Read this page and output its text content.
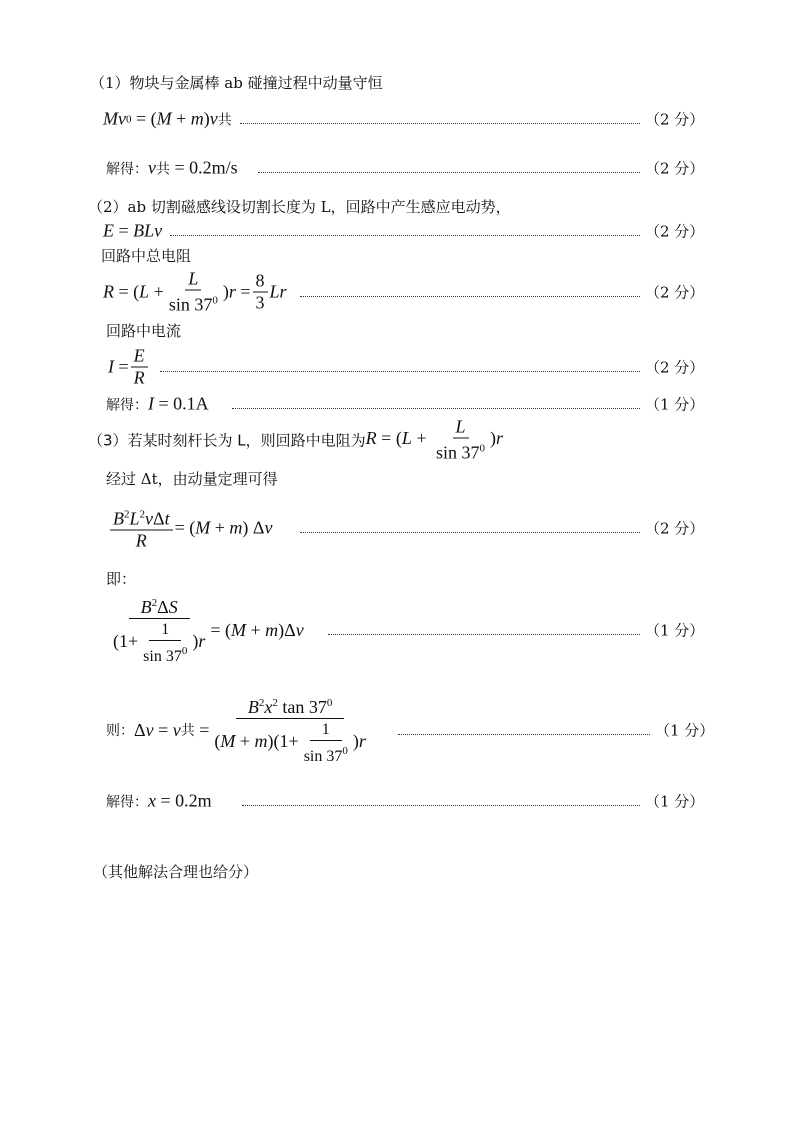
（1）物块与金属棒 ab 碰撞过程中动量守恒
Mv 0 = ( M + m ) v 共	（2 分）
解得： v 共 = 0.2m/s	（2 分）
（2）ab 切割磁感线设切割长度为 L，回路中产生感应电动势，
E = BLv	（2 分）
回路中总电阻
R = ( $L + \frac{L}{\sin 37^0}$ ) $r = \frac{8}{3}$ Lr	（2 分）
回路中电流
$I = \frac{E}{R}$	（2 分）
解得： I = 0.1A	（1 分）
（3）若某时刻杆长为 L，则回路中电阻为 $R = (L + \frac{L}{\sin 37^0} )r$
经过 Δt，由动量定理可得
$\frac{B^2L^2v\Delta t}{R}$ = ( M + m ) Δ v	（2 分）
即：
$\frac{B^2\Delta S}{(1+ \frac{1}{\sin 37^0} )r}$ = ( M + m )Δ v	（1 分）
则： Δ v = v 共 = $\frac{B^2x^2 \tan 37^0}{(M + m)(1+ \frac{1}{\sin 37^0} )r}$	（1 分）
解得： x = 0.2m	（1 分）
（其他解法合理也给分）
